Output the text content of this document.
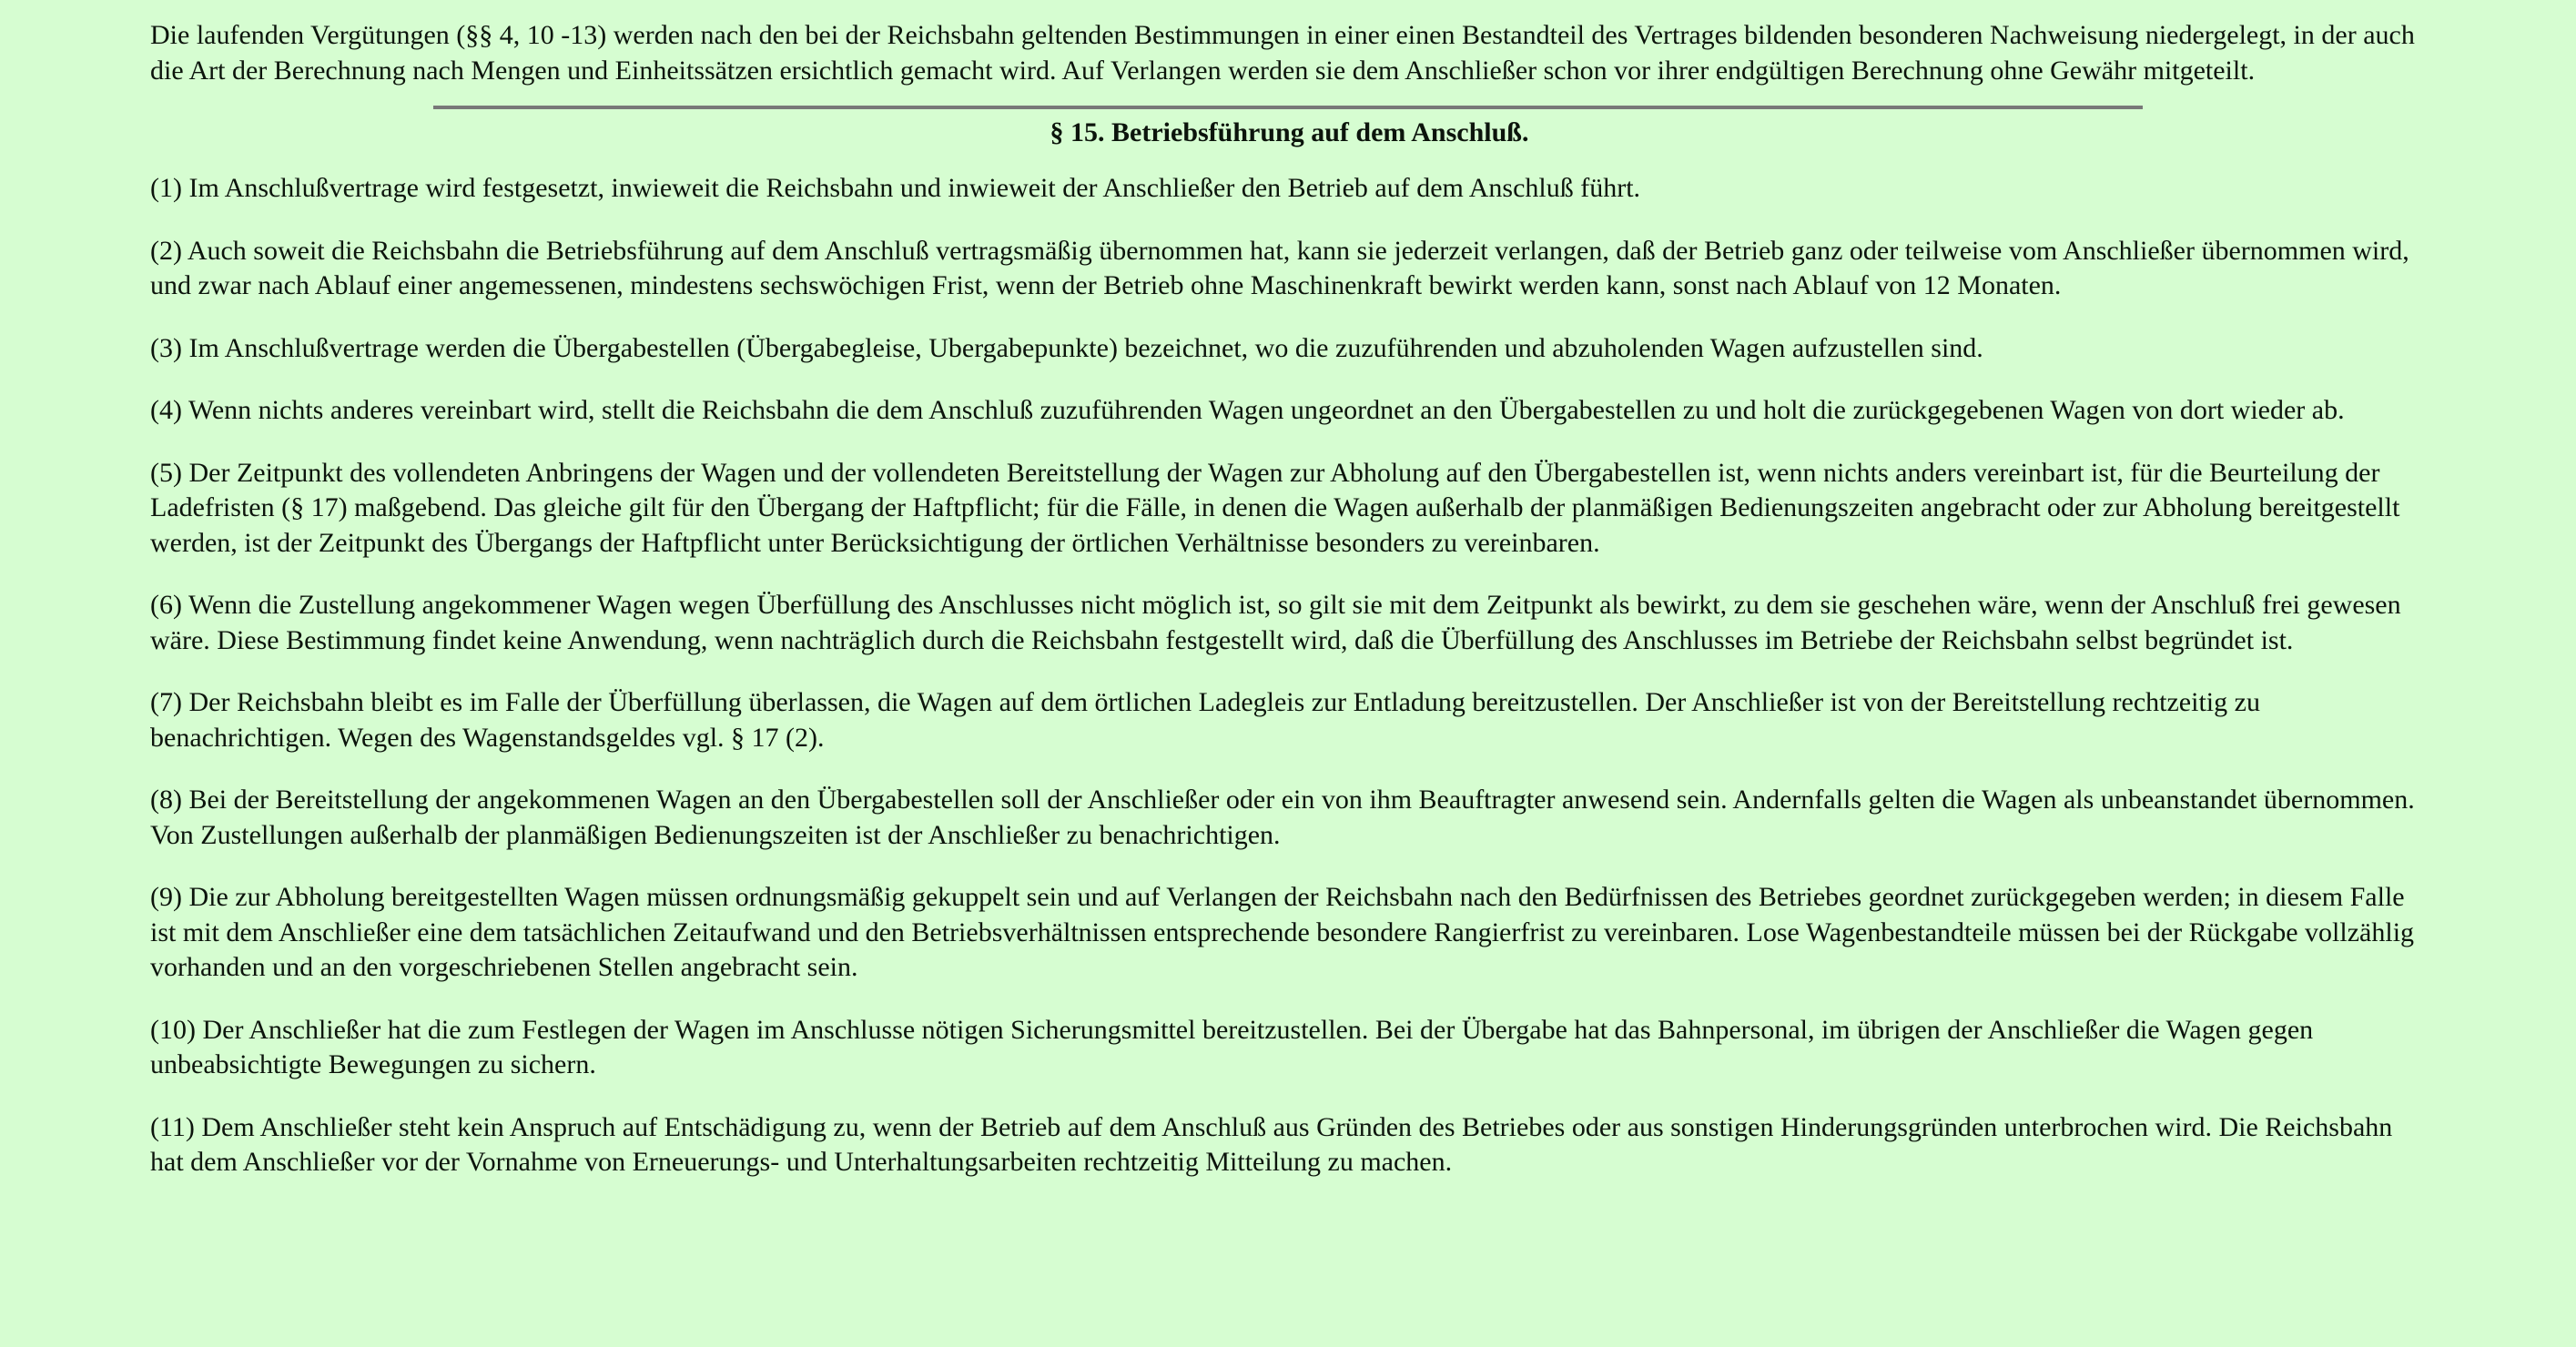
Die laufenden Vergütungen (§§ 4, 10 -13) werden nach den bei der Reichsbahn geltenden Bestimmungen in einer einen Bestandteil des Vertrages bildenden besonderen Nachweisung niedergelegt, in der auch die Art der Berechnung nach Mengen und Einheitssätzen ersichtlich gemacht wird. Auf Verlangen werden sie dem Anschließer schon vor ihrer endgültigen Berechnung ohne Gewähr mitgeteilt.

§ 15. Betriebsführung auf dem Anschluß.

(1) Im Anschlußvertrage wird festgesetzt, inwieweit die Reichsbahn und inwieweit der Anschließer den Betrieb auf dem Anschluß führt.

(2) Auch soweit die Reichsbahn die Betriebsführung auf dem Anschluß vertragsmäßig übernommen hat, kann sie jederzeit verlangen, daß der Betrieb ganz oder teilweise vom Anschließer übernommen wird, und zwar nach Ablauf einer angemessenen, mindestens sechswöchigen Frist, wenn der Betrieb ohne Maschinenkraft bewirkt werden kann, sonst nach Ablauf von 12 Monaten.

(3) Im Anschlußvertrage werden die Übergabestellen (Übergabegleise, Ubergabepunkte) bezeichnet, wo die zuzuführenden und abzuholenden Wagen aufzustellen sind.

(4) Wenn nichts anderes vereinbart wird, stellt die Reichsbahn die dem Anschluß zuzuführenden Wagen ungeordnet an den Übergabestellen zu und holt die zurückgegebenen Wagen von dort wieder ab.

(5) Der Zeitpunkt des vollendeten Anbringens der Wagen und der vollendeten Bereitstellung der Wagen zur Abholung auf den Übergabestellen ist, wenn nichts anders vereinbart ist, für die Beurteilung der Ladefristen (§ 17) maßgebend. Das gleiche gilt für den Übergang der Haftpflicht; für die Fälle, in denen die Wagen außerhalb der planmäßigen Bedienungszeiten angebracht oder zur Abholung bereitgestellt werden, ist der Zeitpunkt des Übergangs der Haftpflicht unter Berücksichtigung der örtlichen Verhältnisse besonders zu vereinbaren.

(6) Wenn die Zustellung angekommener Wagen wegen Überfüllung des Anschlusses nicht möglich ist, so gilt sie mit dem Zeitpunkt als bewirkt, zu dem sie geschehen wäre, wenn der Anschluß frei gewesen wäre. Diese Bestimmung findet keine Anwendung, wenn nachträglich durch die Reichsbahn festgestellt wird, daß die Überfüllung des Anschlusses im Betriebe der Reichsbahn selbst begründet ist.

(7) Der Reichsbahn bleibt es im Falle der Überfüllung überlassen, die Wagen auf dem örtlichen Ladegleis zur Entladung bereitzustellen. Der Anschließer ist von der Bereitstellung rechtzeitig zu benachrichtigen. Wegen des Wagenstandsgeldes vgl. § 17 (2).

(8) Bei der Bereitstellung der angekommenen Wagen an den Übergabestellen soll der Anschließer oder ein von ihm Beauftragter anwesend sein. Andernfalls gelten die Wagen als unbeanstandet übernommen. Von Zustellungen außerhalb der planmäßigen Bedienungszeiten ist der Anschließer zu benachrichtigen.

(9) Die zur Abholung bereitgestellten Wagen müssen ordnungsmäßig gekuppelt sein und auf Verlangen der Reichsbahn nach den Bedürfnissen des Betriebes geordnet zurückgegeben werden; in diesem Falle ist mit dem Anschließer eine dem tatsächlichen Zeitaufwand und den Betriebsverhältnissen entsprechende besondere Rangierfrist zu vereinbaren. Lose Wagenbestandteile müssen bei der Rückgabe vollzählig vorhanden und an den vorgeschriebenen Stellen angebracht sein.

(10) Der Anschließer hat die zum Festlegen der Wagen im Anschlusse nötigen Sicherungsmittel bereitzustellen. Bei der Übergabe hat das Bahnpersonal, im übrigen der Anschließer die Wagen gegen unbeabsichtigte Bewegungen zu sichern.

(11) Dem Anschließer steht kein Anspruch auf Entschädigung zu, wenn der Betrieb auf dem Anschluß aus Gründen des Betriebes oder aus sonstigen Hinderungsgründen unterbrochen wird. Die Reichsbahn hat dem Anschließer vor der Vornahme von Erneuerungs- und Unterhaltungsarbeiten rechtzeitig Mitteilung zu machen.
